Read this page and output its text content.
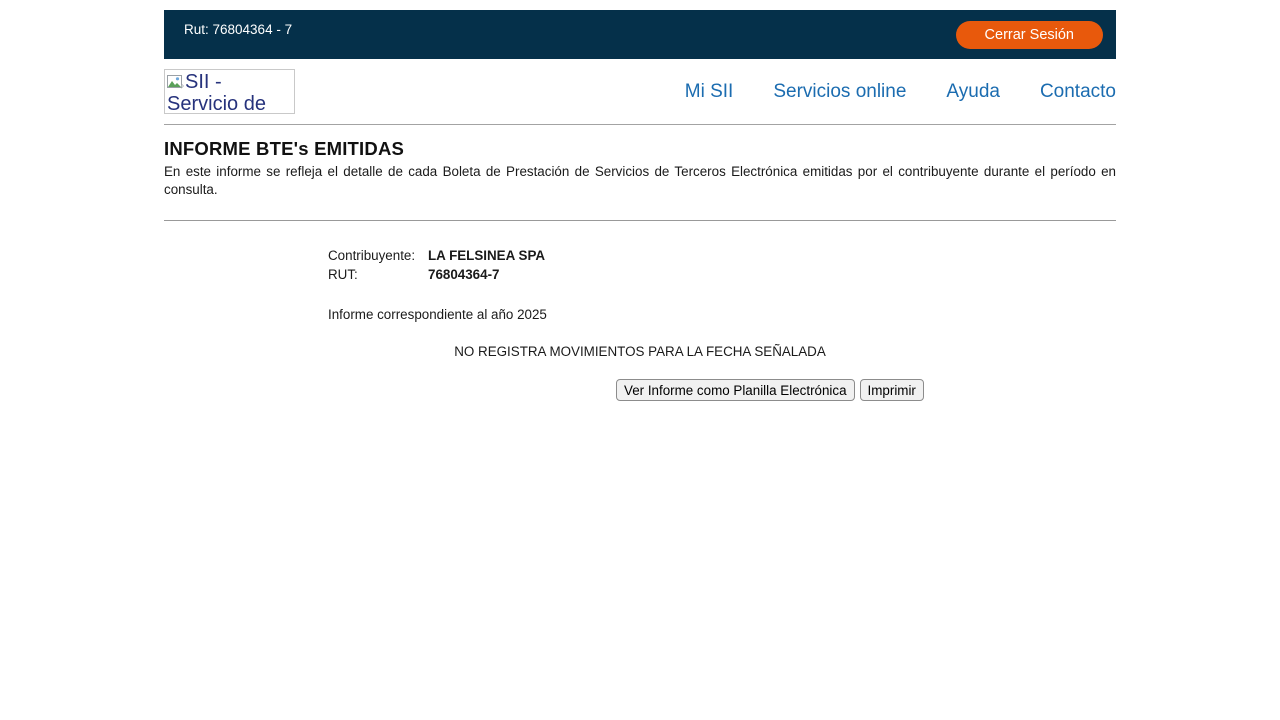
Rut: 76804364 - 7	Cerrar Sesión
SII - Servicio de
Mi SII Servicios online Ayuda Contacto
INFORME BTE's EMITIDAS

En este informe se refleja el detalle de cada Boleta de Prestación de Servicios de Terceros Electrónica emitidas por el contribuyente durante el período en consulta.

Contribuyente: LA FELSINEA SPA
RUT:	76804364-7
Informe correspondiente al año 2025
NO REGISTRA MOVIMIENTOS PARA LA FECHA SEÑALADA
Ver Informe como Planilla Electrónica	Imprimir
